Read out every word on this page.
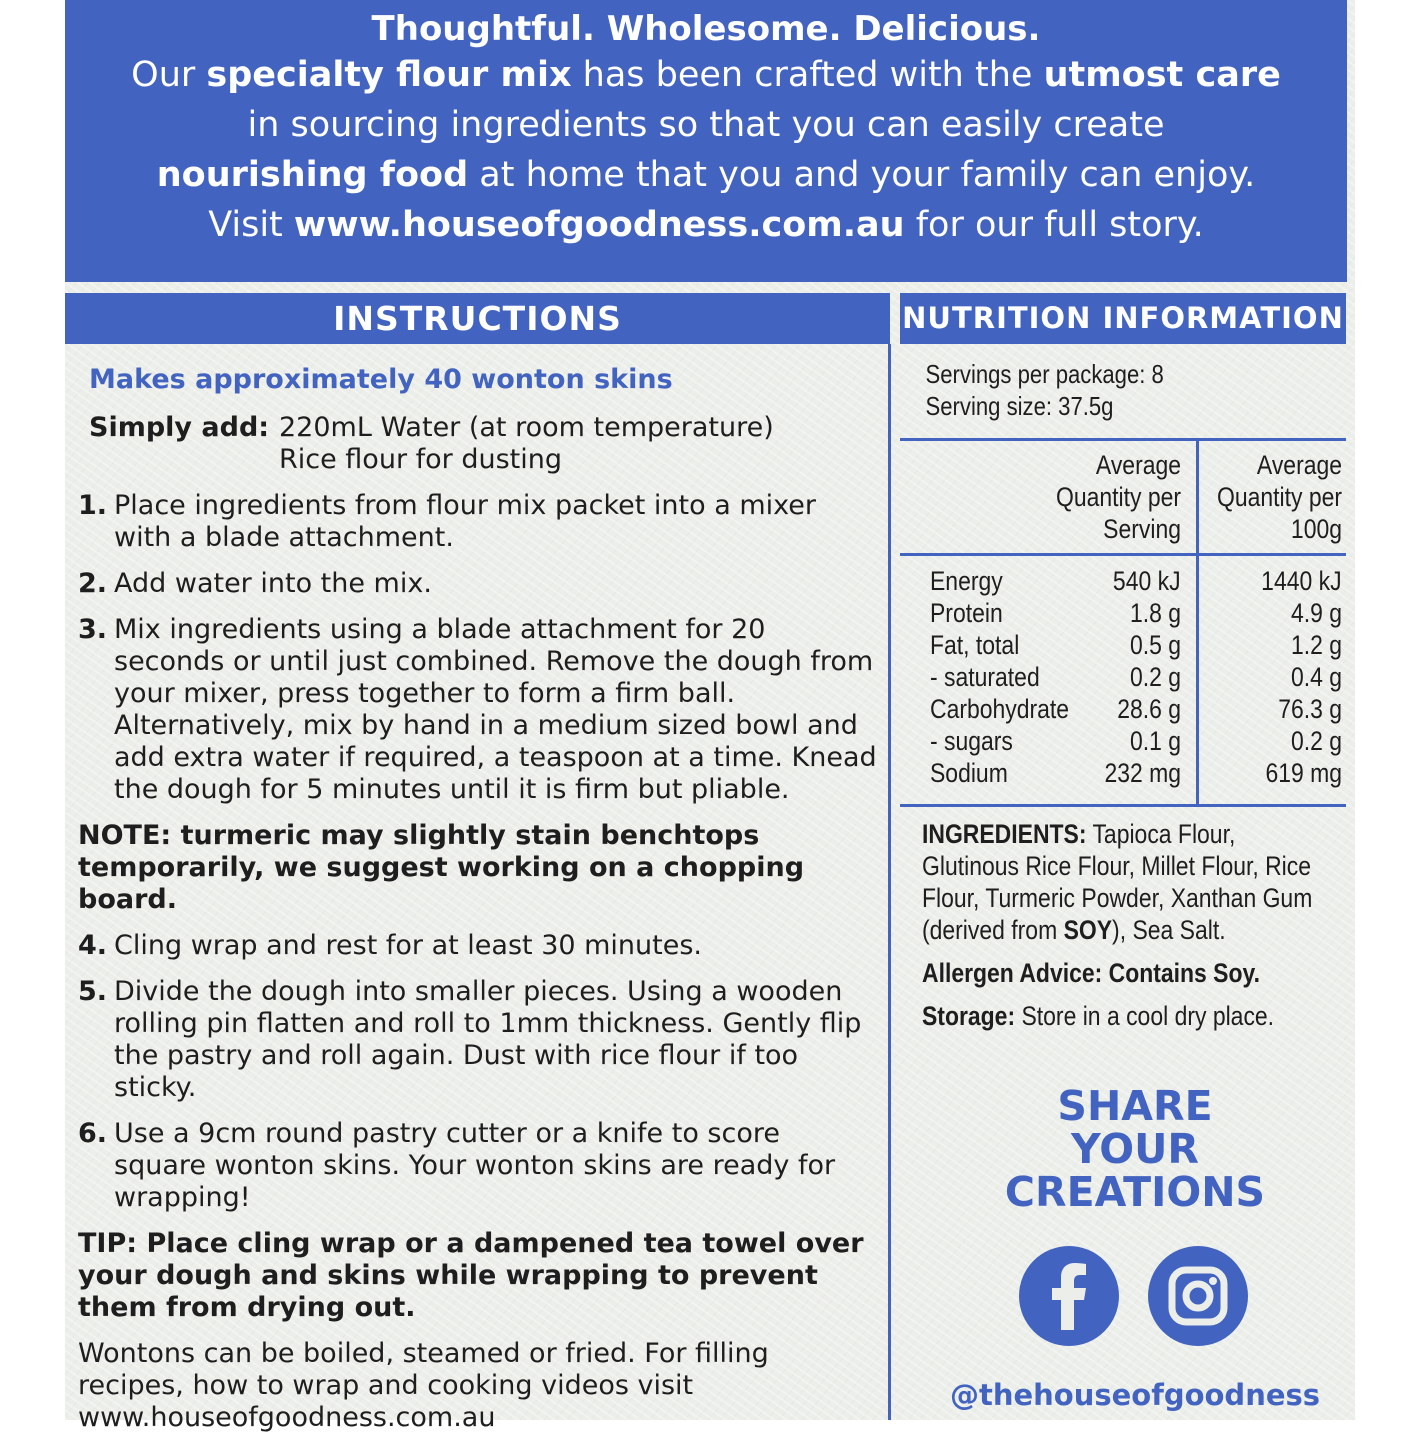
Thoughtful. Wholesome. Delicious.
Our specialty flour mix has been crafted with the utmost care
in sourcing ingredients so that you can easily create
nourishing food at home that you and your family can enjoy.
Visit www.houseofgoodness.com.au for our full story.
INSTRUCTIONS	NUTRITION INFORMATION
Makes approximately 40 wonton skins
Simply add: 220mL Water (at room temperature)
Rice flour for dusting
1. Place ingredients from flour mix packet into a mixer with a blade attachment.
2. Add water into the mix.
3. Mix ingredients using a blade attachment for 20 seconds or until just combined. Remove the dough from your mixer, press together to form a firm ball. Alternatively, mix by hand in a medium sized bowl and add extra water if required, a teaspoon at a time. Knead the dough for 5 minutes until it is firm but pliable.
NOTE: turmeric may slightly stain benchtops temporarily, we suggest working on a chopping board.
4. Cling wrap and rest for at least 30 minutes.
5. Divide the dough into smaller pieces. Using a wooden rolling pin flatten and roll to 1mm thickness. Gently flip the pastry and roll again. Dust with rice flour if too sticky.
6. Use a 9cm round pastry cutter or a knife to score square wonton skins. Your wonton skins are ready for wrapping!
TIP: Place cling wrap or a dampened tea towel over your dough and skins while wrapping to prevent them from drying out.
Wontons can be boiled, steamed or fried. For filling recipes, how to wrap and cooking videos visit www.houseofgoodness.com.au
Servings per package: 8
Serving size: 37.5g
Average
Quantity per
Serving
Average
Quantity per
100g
Energy	540 kJ	1440 kJ
Protein	1.8 g	4.9 g
Fat, total	0.5 g	1.2 g
- saturated	0.2 g	0.4 g
Carbohydrate 28.6 g	76.3 g
- sugars	0.1 g	0.2 g
Sodium	232 mg	619 mg
INGREDIENTS: Tapioca Flour, Glutinous Rice Flour, Millet Flour, Rice Flour, Turmeric Powder, Xanthan Gum (derived from SOY), Sea Salt.
Allergen Advice: Contains Soy.
Storage: Store in a cool dry place.
SHARE
YOUR
CREATIONS
@thehouseofgoodness
